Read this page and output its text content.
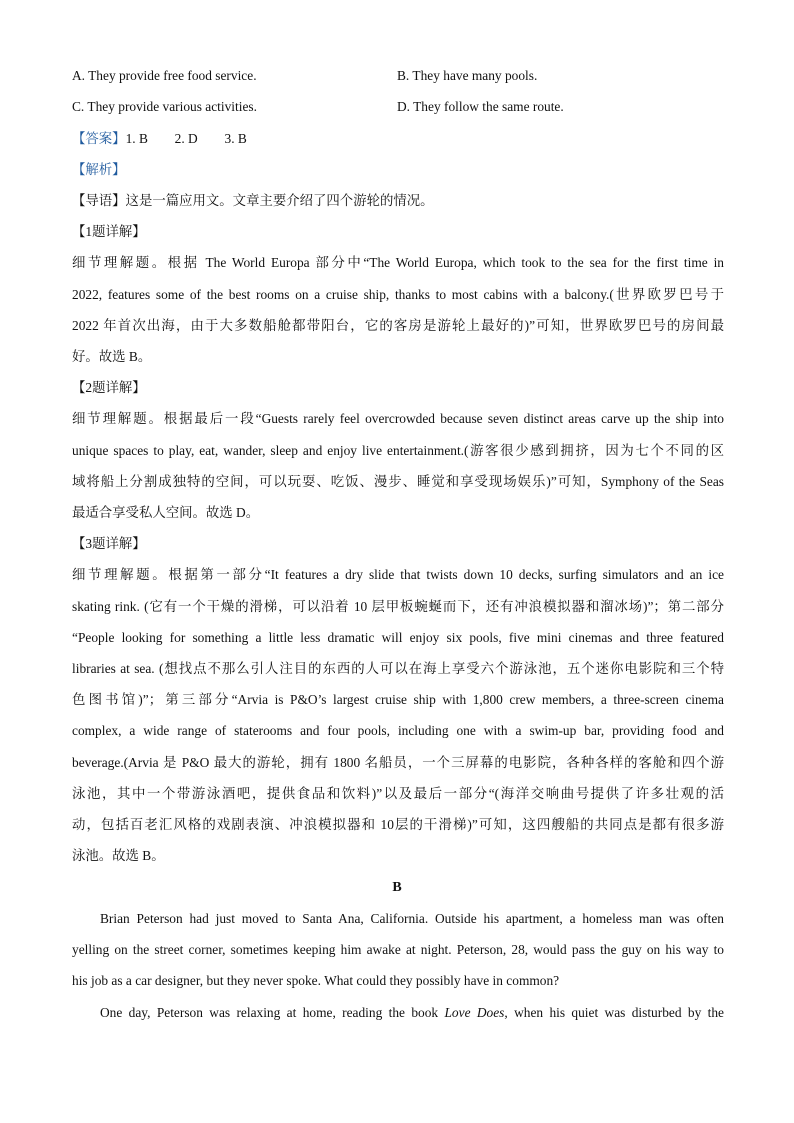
A. They provide free food service.	B. They have many pools.
C. They provide various activities.	D. They follow the same route.
【答案】1. B        2. D        3. B
【解析】
【导语】这是一篇应用文。文章主要介绍了四个游轮的情况。
【1题详解】
细节理解题。根据 The World Europa 部分中“The World Europa, which took to the sea for the first time in
2022, features some of the best rooms on a cruise ship, thanks to most cabins with a balcony.(世界欧罗巴号于
2022 年首次出海，由于大多数船舱都带阳台，它的客房是游轮上最好的)”可知，世界欧罗巴号的房间最
好。故选 B。
【2题详解】
细节理解题。根据最后一段“Guests rarely feel overcrowded because seven distinct areas carve up the ship into
unique spaces to play, eat, wander, sleep and enjoy live entertainment.(游客很少感到拥挤，因为七个不同的区
域将船上分割成独特的空间，可以玩耍、吃饭、漫步、睡觉和享受现场娱乐)”可知，Symphony of the Seas
最适合享受私人空间。故选 D。
【3题详解】
细节理解题。根据第一部分“It features a dry slide that twists down 10 decks, surfing simulators and an ice
skating rink. (它有一个干燥的滑梯，可以沿着 10 层甲板蜿蜒而下，还有冲浪模拟器和溜冰场)”；第二部分
“People looking for something a little less dramatic will enjoy six pools, five mini cinemas and three featured
libraries at sea. (想找点不那么引人注目的东西的人可以在海上享受六个游泳池，五个迷你电影院和三个特
色图书馆)”；第三部分“Arvia is P&O’s largest cruise ship with 1,800 crew members, a three-screen cinema
complex, a wide range of staterooms and four pools, including one with a swim-up bar, providing food and
beverage.(Arvia 是 P&O 最大的游轮，拥有 1800 名船员，一个三屏幕的电影院，各种各样的客舱和四个游
泳池，其中一个带游泳酒吧，提供食品和饮料)”以及最后一部分“(海洋交响曲号提供了许多壮观的活
动，包括百老汇风格的戏剧表演、冲浪模拟器和 10层的干滑梯)”可知，这四艘船的共同点是都有很多游
泳池。故选 B。
B
Brian Peterson had just moved to Santa Ana, California. Outside his apartment, a homeless man was often
yelling on the street corner, sometimes keeping him awake at night. Peterson, 28, would pass the guy on his way to
his job as a car designer, but they never spoke. What could they possibly have in common?
One day, Peterson was relaxing at home, reading the book Love Does, when his quiet was disturbed by the
